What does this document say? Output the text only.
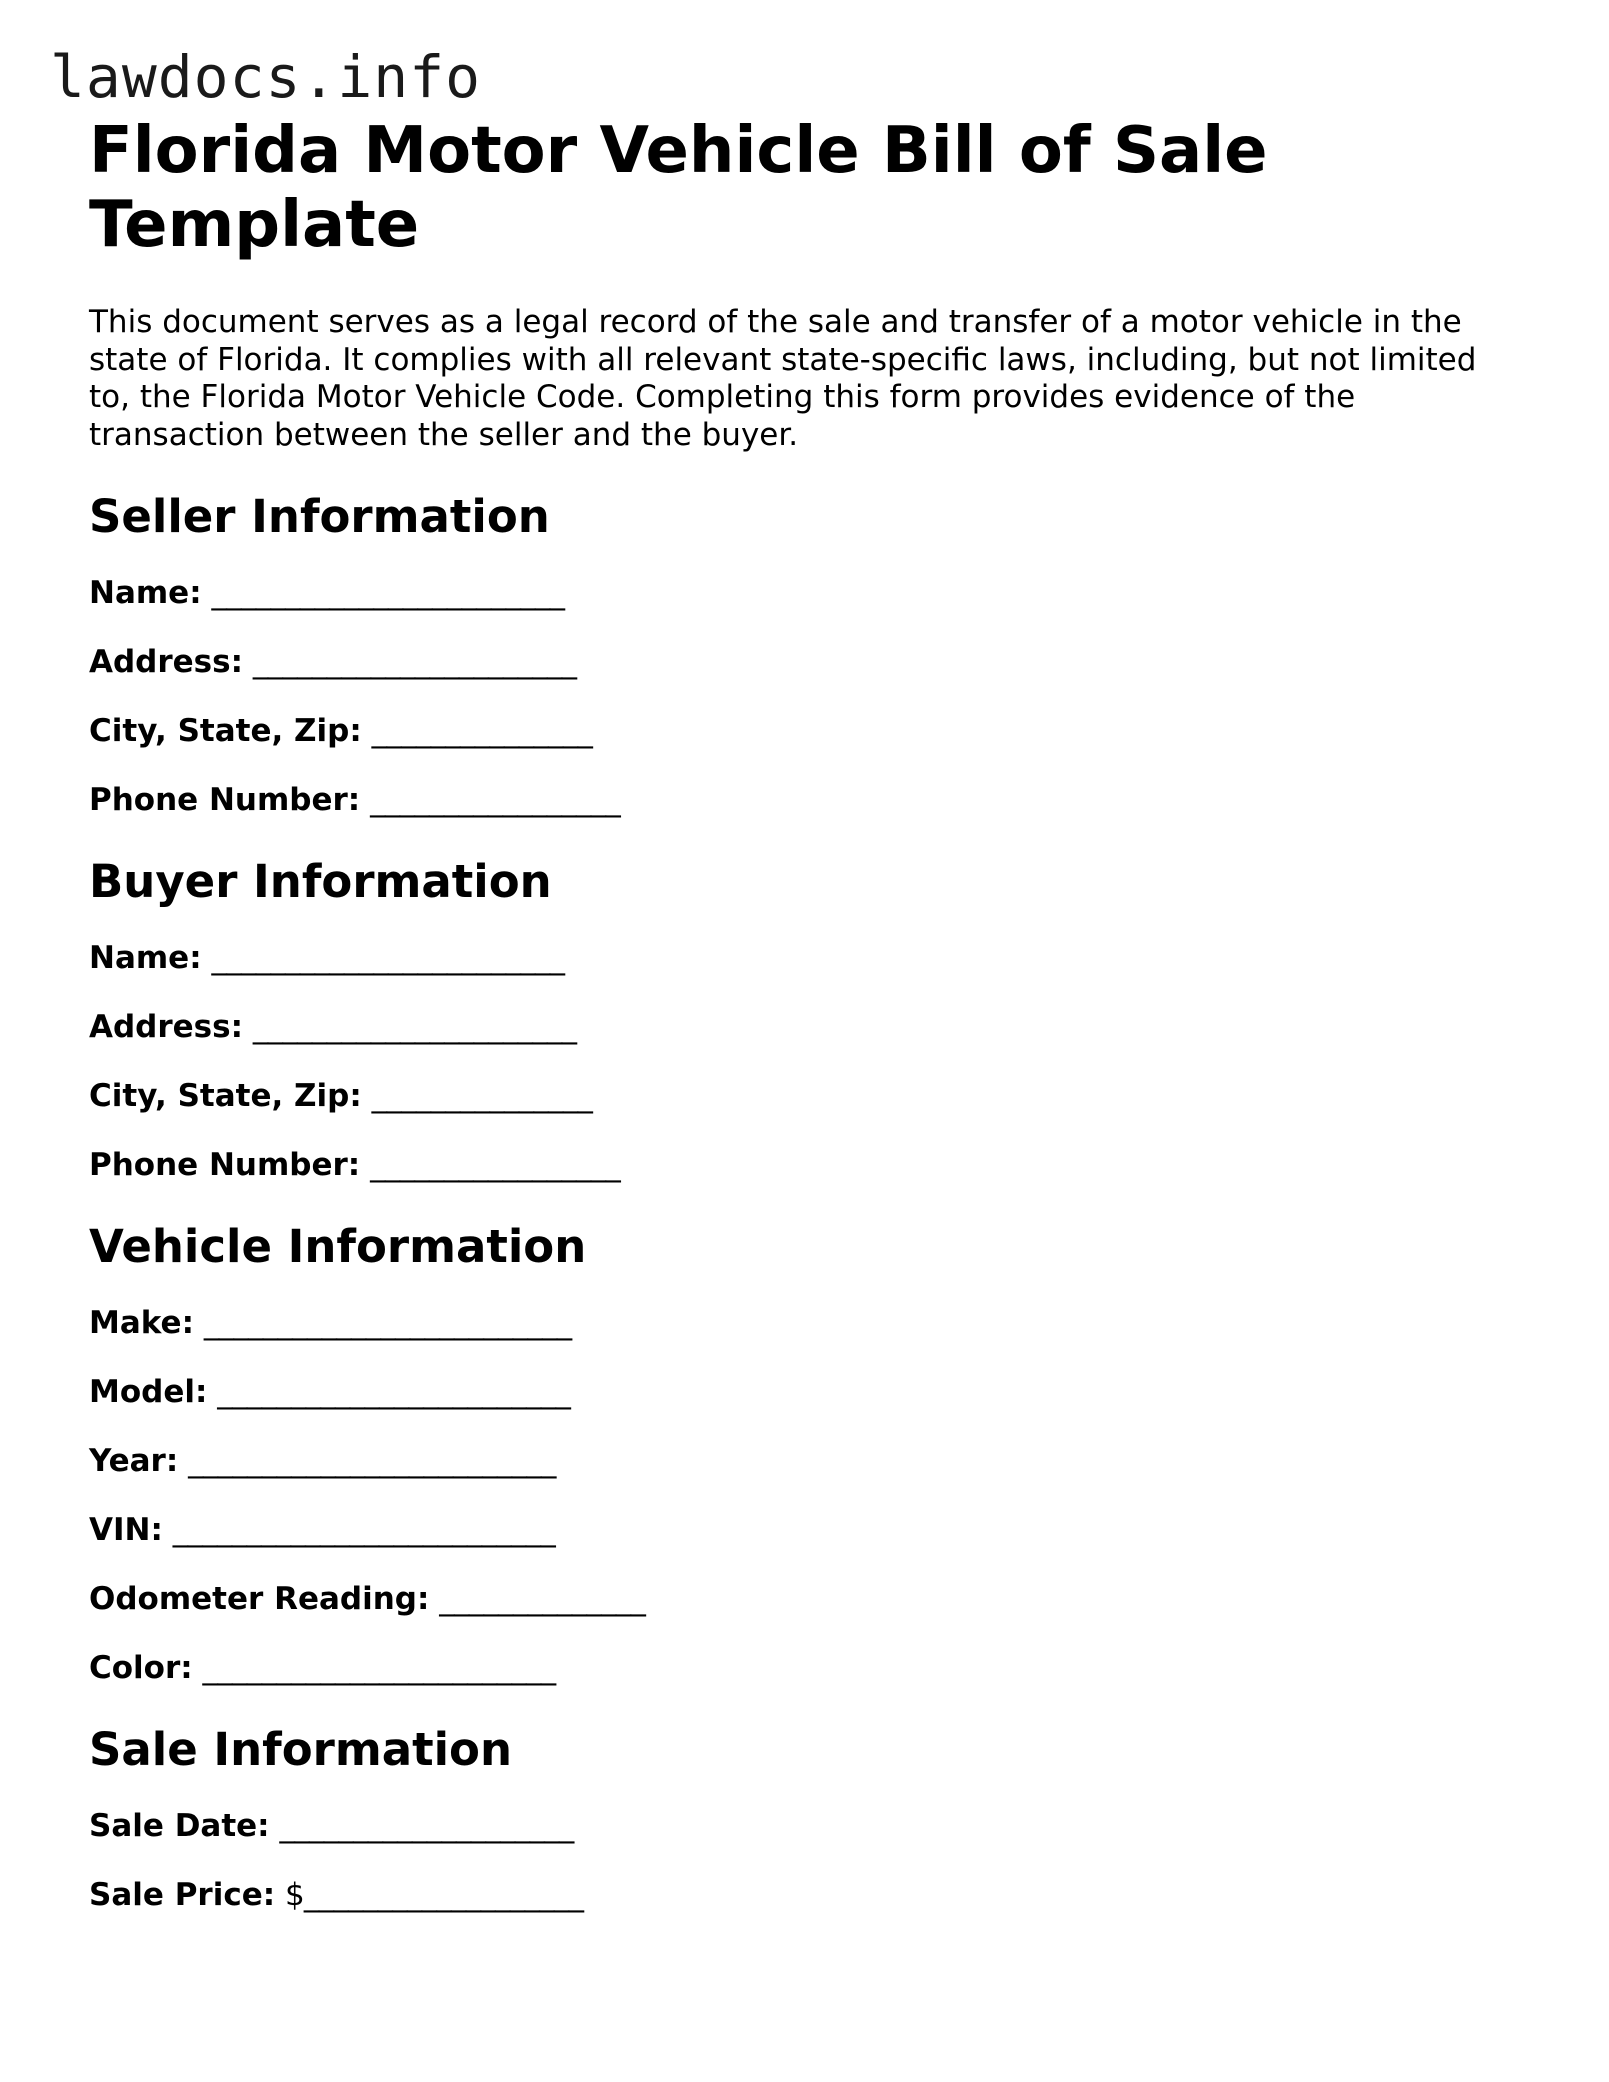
lawdocs.info
Florida Motor Vehicle Bill of Sale Template

This document serves as a legal record of the sale and transfer of a motor vehicle in the state of Florida. It complies with all relevant state-specific laws, including, but not limited to, the Florida Motor Vehicle Code. Completing this form provides evidence of the transaction between the seller and the buyer.

Seller Information
Name: ________________________
Address: ______________________
City, State, Zip: _______________
Phone Number: _________________
Buyer Information
Name: ________________________
Address: ______________________
City, State, Zip: _______________
Phone Number: _________________
Vehicle Information
Make: _________________________
Model: ________________________
Year: _________________________
VIN: __________________________
Odometer Reading: ______________
Color: ________________________
Sale Information
Sale Date: ____________________
Sale Price: $___________________
